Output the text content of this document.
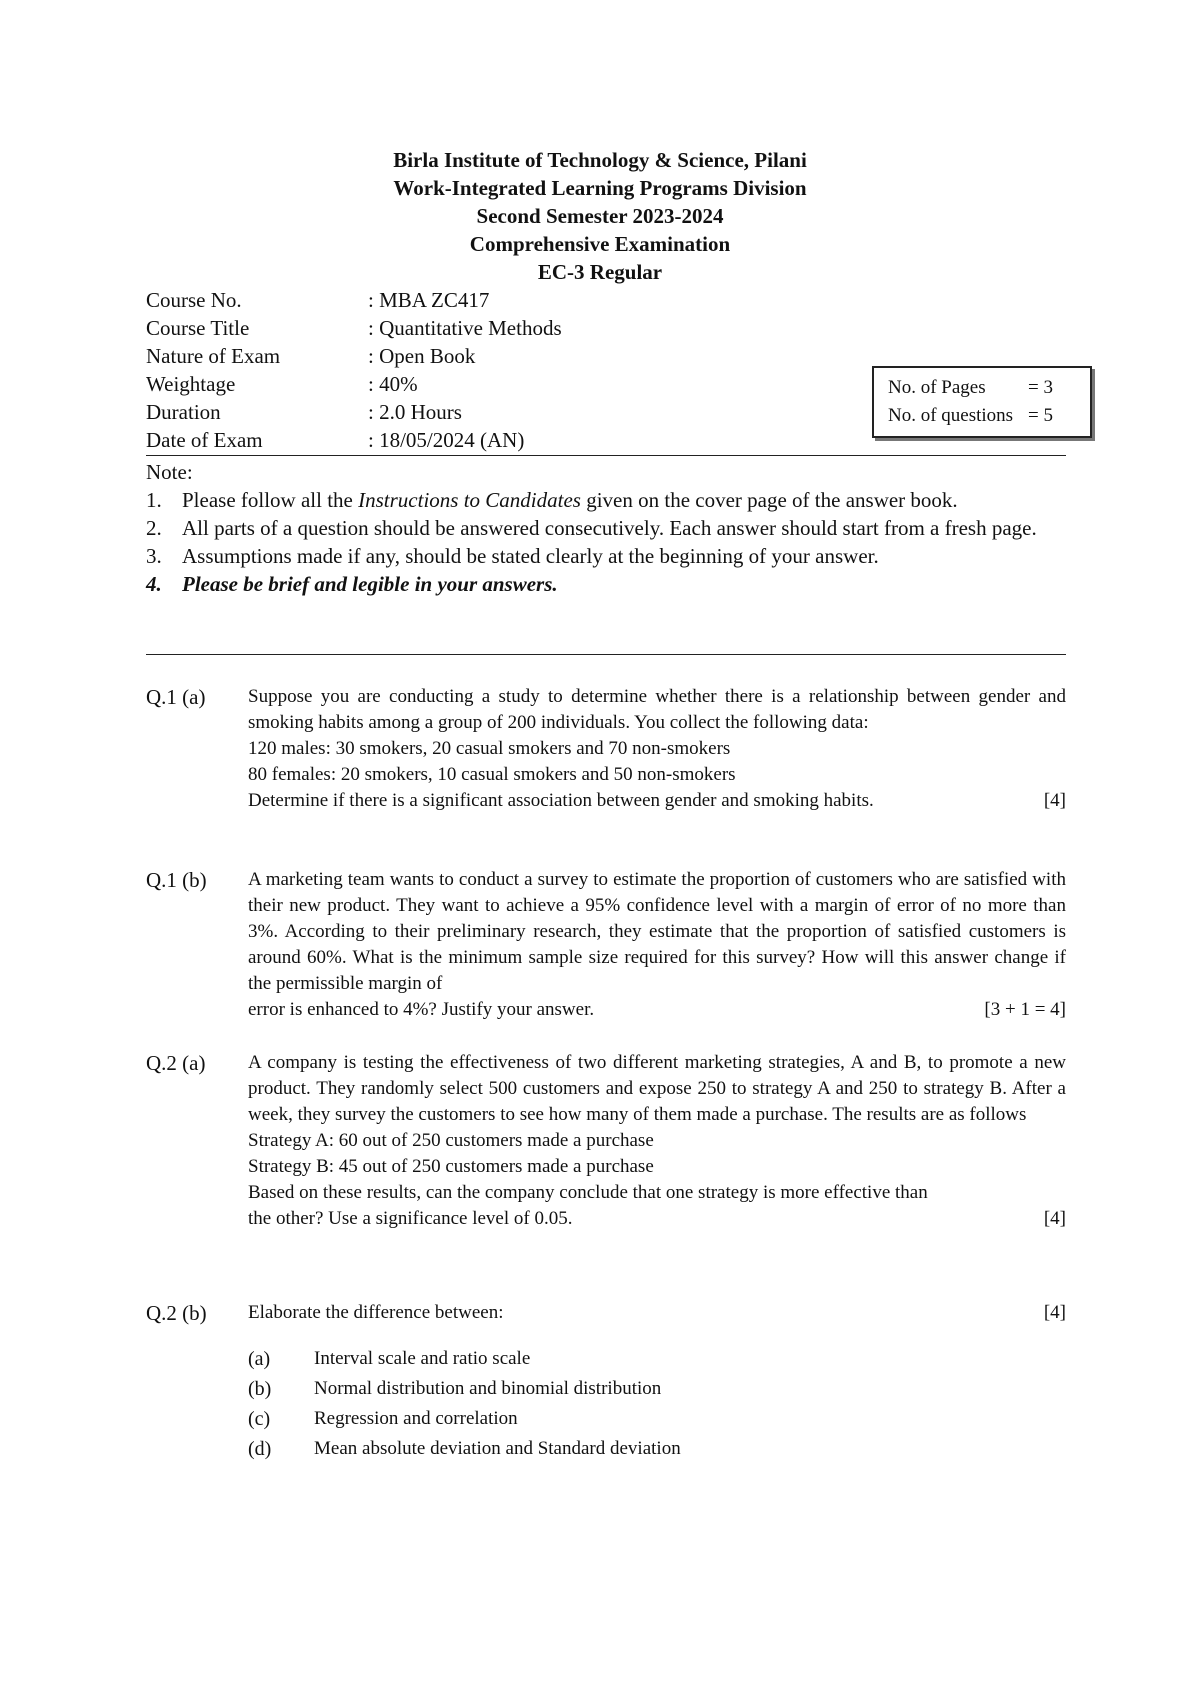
Birla Institute of Technology & Science, Pilani
Work-Integrated Learning Programs Division
Second Semester 2023-2024
Comprehensive Examination
EC-3 Regular
Course No.	: MBA ZC417
Course Title	: Quantitative Methods
Nature of Exam	: Open Book
Weightage	: 40%
Duration	: 2.0 Hours
Date of Exam	: 18/05/2024 (AN)
No. of Pages	= 3
No. of questions = 5
Note:
1. Please follow all the Instructions to Candidates given on the cover page of the answer book.
2. All parts of a question should be answered consecutively. Each answer should start from a fresh page.
3. Assumptions made if any, should be stated clearly at the beginning of your answer.
4. Please be brief and legible in your answers.
Q.1 (a)	Suppose you are conducting a study to determine whether there is a relationship between gender and smoking habits among a group of 200 individuals. You collect the following data:

120 males: 30 smokers, 20 casual smokers and 70 non-smokers

80 females: 20 smokers, 10 casual smokers and 50 non-smokers

Determine if there is a significant association between gender and smoking habits.	[4]
Q.1 (b)	A marketing team wants to conduct a survey to estimate the proportion of customers who are satisfied with their new product. They want to achieve a 95% confidence level with a margin of error of no more than 3%. According to their preliminary research, they estimate that the proportion of satisfied customers is around 60%. What is the minimum sample size required for this survey? How will this answer change if the permissible margin of

error is enhanced to 4%? Justify your answer.	[3 + 1 = 4]
Q.2 (a)	A company is testing the effectiveness of two different marketing strategies, A and B, to promote a new product. They randomly select 500 customers and expose 250 to strategy A and 250 to strategy B. After a week, they survey the customers to see how many of them made a purchase. The results are as follows

Strategy A: 60 out of 250 customers made a purchase

Strategy B: 45 out of 250 customers made a purchase

Based on these results, can the company conclude that one strategy is more effective than

the other? Use a significance level of 0.05.	[4]
Q.2 (b)	Elaborate the difference between:	[4]
(a)	Interval scale and ratio scale
(b)	Normal distribution and binomial distribution
(c)	Regression and correlation
(d)	Mean absolute deviation and Standard deviation
